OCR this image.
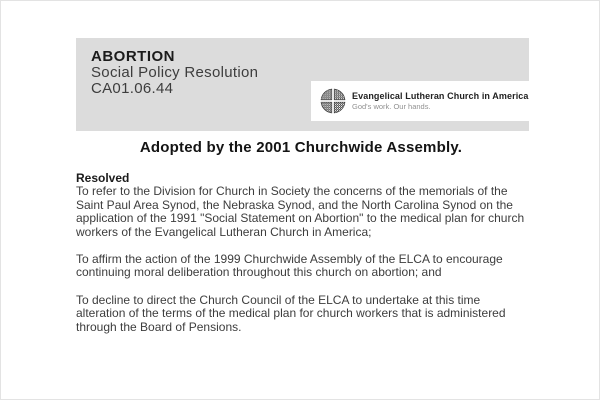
ABORTION
Social Policy Resolution
CA01.06.44	Evangelical Lutheran Church in America
God's work. Our hands.
Adopted by the 2001 Churchwide Assembly.
Resolved

To refer to the Division for Church in Society the concerns of the memorials of the Saint Paul Area Synod, the Nebraska Synod, and the North Carolina Synod on the application of the 1991 "Social Statement on Abortion" to the medical plan for church workers of the Evangelical Lutheran Church in America;

To affirm the action of the 1999 Churchwide Assembly of the ELCA to encourage continuing moral deliberation throughout this church on abortion; and

To decline to direct the Church Council of the ELCA to undertake at this time alteration of the terms of the medical plan for church workers that is administered through the Board of Pensions.
